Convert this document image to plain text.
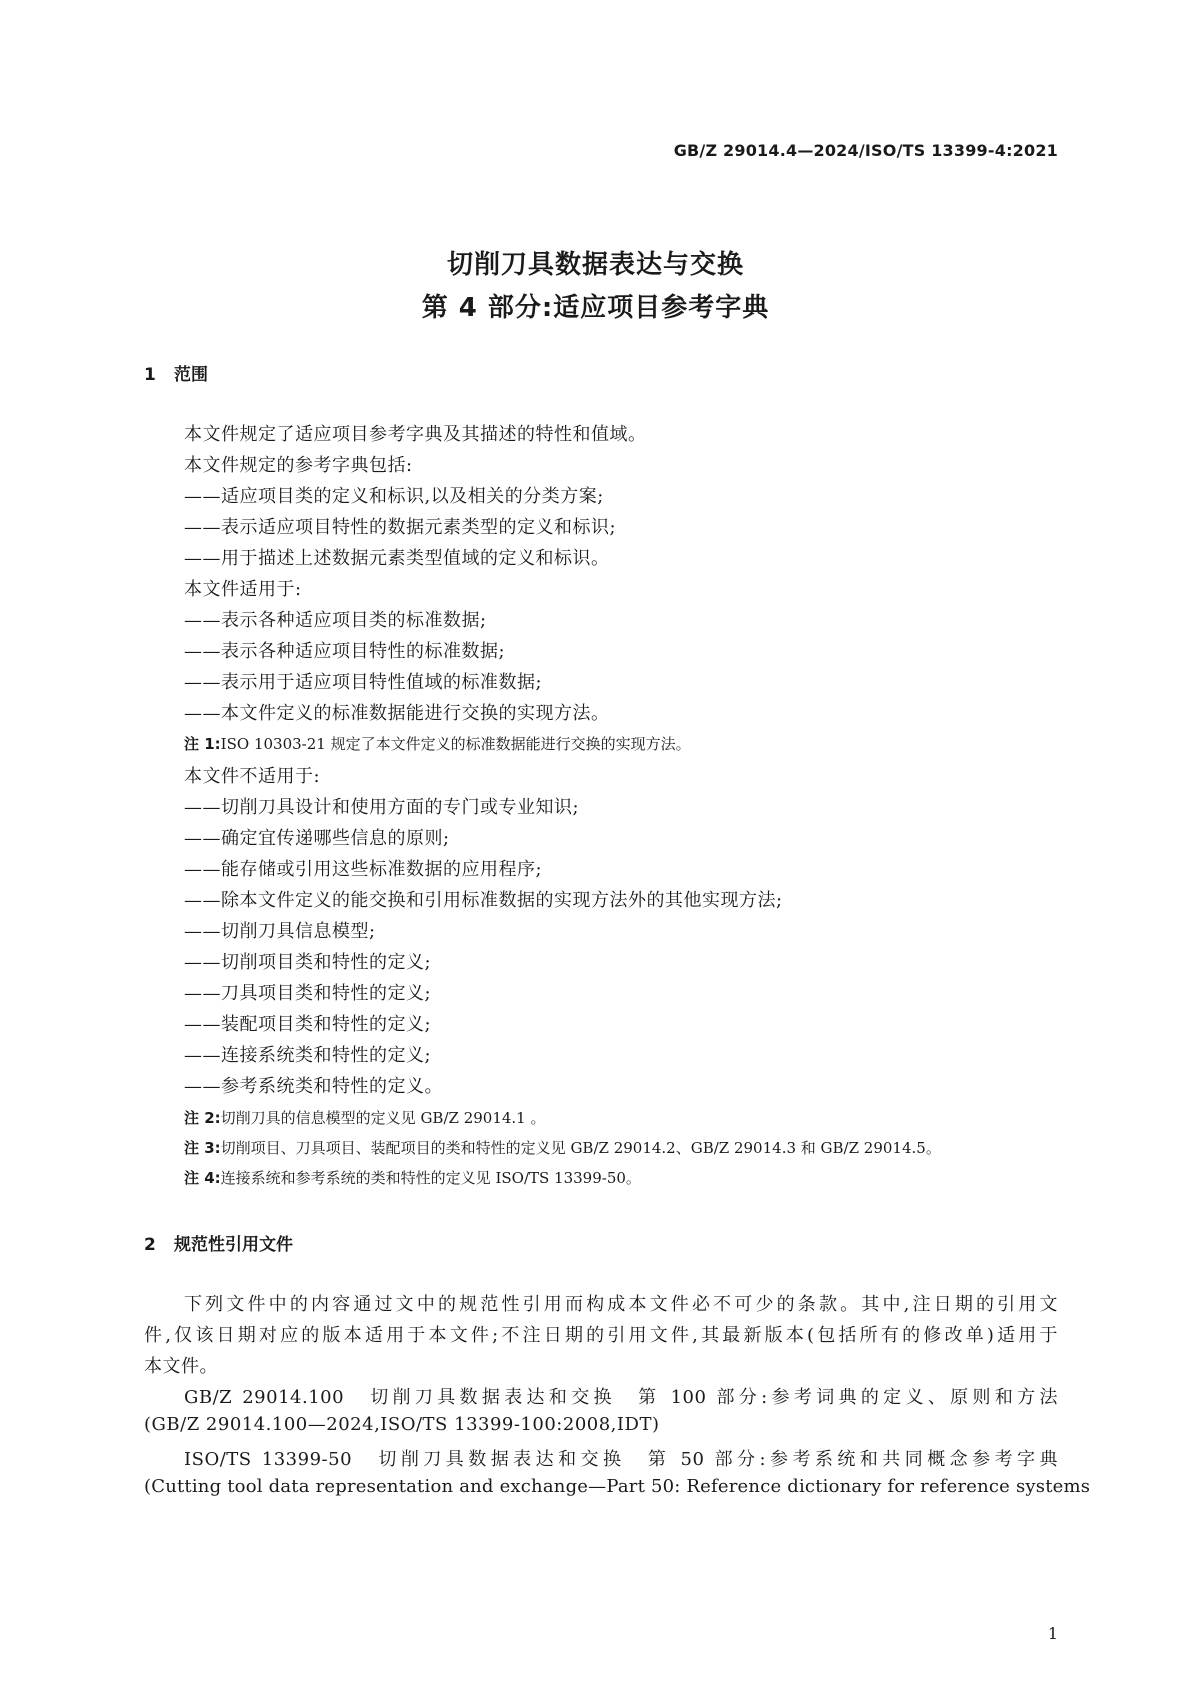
GB/Z 29014.4—2024/ISO/TS 13399-4:2021
切削刀具数据表达与交换
第 4 部分:适应项目参考字典
1 范围
本文件规定了适应项目参考字典及其描述的特性和值域。
本文件规定的参考字典包括:
——适应项目类的定义和标识,以及相关的分类方案;
——表示适应项目特性的数据元素类型的定义和标识;
——用于描述上述数据元素类型值域的定义和标识。
本文件适用于:
——表示各种适应项目类的标准数据;
——表示各种适应项目特性的标准数据;
——表示用于适应项目特性值域的标准数据;
——本文件定义的标准数据能进行交换的实现方法。
注 1:ISO 10303-21 规定了本文件定义的标准数据能进行交换的实现方法。
本文件不适用于:
——切削刀具设计和使用方面的专门或专业知识;
——确定宜传递哪些信息的原则;
——能存储或引用这些标准数据的应用程序;
——除本文件定义的能交换和引用标准数据的实现方法外的其他实现方法;
——切削刀具信息模型;
——切削项目类和特性的定义;
——刀具项目类和特性的定义;
——装配项目类和特性的定义;
——连接系统类和特性的定义;
——参考系统类和特性的定义。
注 2:切削刀具的信息模型的定义见 GB/Z 29014.1 。
注 3:切削项目、刀具项目、装配项目的类和特性的定义见 GB/Z 29014.2、GB/Z 29014.3 和 GB/Z 29014.5。
注 4:连接系统和参考系统的类和特性的定义见 ISO/TS 13399-50。
2 规范性引用文件
下列文件中的内容通过文中的规范性引用而构成本文件必不可少的条款。其中,注日期的引用文
件,仅该日期对应的版本适用于本文件;不注日期的引用文件,其最新版本(包括所有的修改单)适用于
本文件。
GB/Z 29014.100　切削刀具数据表达和交换　第 100 部分:参考词典的定义、原则和方法
(GB/Z 29014.100—2024,ISO/TS 13399-100:2008,IDT)
ISO/TS 13399-50　切削刀具数据表达和交换　第 50 部分:参考系统和共同概念参考字典
(Cutting tool data representation and exchange—Part 50: Reference dictionary for reference systems
1
